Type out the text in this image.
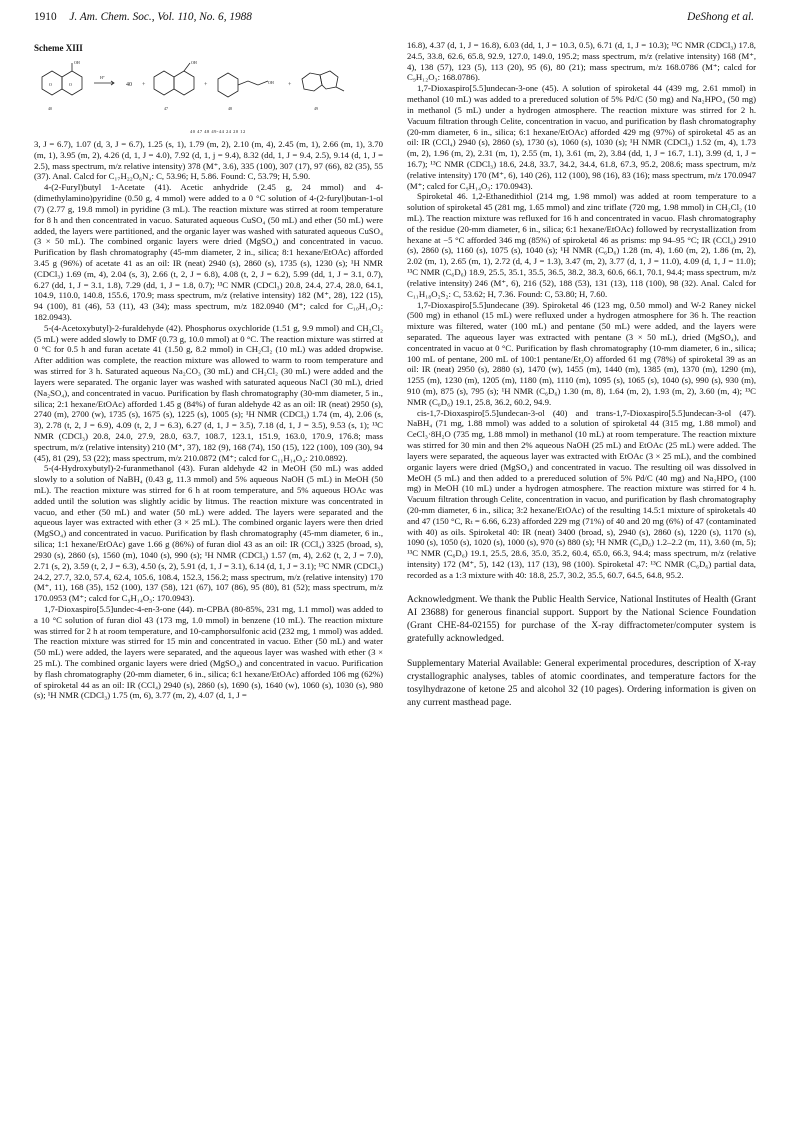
1910 J. Am. Chem. Soc., Vol. 110, No. 6, 1988	DeShong et al.
Scheme XIII
OH
O	O
H⁺
40 +
OH
+	OH +
40	47	48	49
40 47 48 49-44 24 20 12

3, J = 6.7), 1.07 (d, 3, J = 6.7), 1.25 (s, 1), 1.79 (m, 2), 2.10 (m, 4), 2.45 (m, 1), 2.66 (m, 1), 3.70 (m, 1), 3.95 (m, 2), 4.26 (d, 1, J = 4.0), 7.92 (d, 1, j = 9.4), 8.32 (dd, 1, J = 9.4, 2.5), 9.14 (d, 1, J = 2.5), mass spectrum, m/z relative intensity) 378 (M⁺, 3.6), 335 (100), 307 (17), 97 (66), 82 (35), 55 (37). Anal. Calcd for C₁₇H₂₂O₆N₄: C, 53.96; H, 5.86. Found: C, 53.79; H, 5.90.

4-(2-Furyl)butyl 1-Acetate (41). Acetic anhydride (2.45 g, 24 mmol) and 4-(dimethylamino)pyridine (0.50 g, 4 mmol) were added to a 0 °C solution of 4-(2-furyl)butan-1-ol (7) (2.77 g, 19.8 mmol) in pyridine (3 mL). The reaction mixture was stirred at room temperature for 8 h and then concentrated in vacuo. Saturated aqueous CuSO₄ (50 mL) and ether (50 mL) were added, the layers were partitioned, and the organic layer was washed with saturated aqueous CuSO₄ (3 × 50 mL). The combined organic layers were dried (MgSO₄) and concentrated in vacuo. Purification by flash chromatography (45-mm diameter, 2 in., silica; 8:1 hexane/EtOAc) afforded 3.45 g (96%) of acetate 41 as an oil: IR (neat) 2940 (s), 2860 (s), 1735 (s), 1230 (s); ¹H NMR (CDCl₃) 1.69 (m, 4), 2.04 (s, 3), 2.66 (t, 2, J = 6.8), 4.08 (t, 2, J = 6.2), 5.99 (dd, 1, J = 3.1, 0.7), 6.27 (dd, 1, J = 3.1, 1.8), 7.29 (dd, 1, J = 1.8, 0.7); ¹³C NMR (CDCl₃) 20.8, 24.4, 27.4, 28.0, 64.1, 104.9, 110.0, 140.8, 155.6, 170.9; mass spectrum, m/z (relative intensity) 182 (M⁺, 28), 122 (15), 94 (100), 81 (46), 53 (11), 43 (34); mass spectrum, m/z 182.0940 (M⁺; calcd for C₁₀H₁₄O₃: 182.0943).

5-(4-Acetoxybutyl)-2-furaldehyde (42). Phosphorus oxychloride (1.51 g, 9.9 mmol) and CH₂Cl₂ (5 mL) were added slowly to DMF (0.73 g, 10.0 mmol) at 0 °C. The reaction mixture was stirred at 0 °C for 0.5 h and furan acetate 41 (1.50 g, 8.2 mmol) in CH₂Cl₂ (10 mL) was added dropwise. After addition was complete, the reaction mixture was allowed to warm to room temperature and was stirred for 3 h. Saturated aqueous Na₂CO₃ (30 mL) and CH₂Cl₂ (30 mL) were added and the layers were separated. The organic layer was washed with saturated aqueous NaCl (30 mL), dried (Na₂SO₄), and concentrated in vacuo. Purification by flash chromatography (30-mm diameter, 5 in., silica; 2:1 hexane/EtOAc) afforded 1.45 g (84%) of furan aldehyde 42 as an oil: IR (neat) 2950 (s), 2740 (m), 2700 (w), 1735 (s), 1675 (s), 1225 (s), 1005 (s); ¹H NMR (CDCl₃) 1.74 (m, 4), 2.06 (s, 3), 2.78 (t, 2, J = 6.9), 4.09 (t, 2, J = 6.3), 6.27 (d, 1, J = 3.5), 7.18 (d, 1, J = 3.5), 9.53 (s, 1); ¹³C NMR (CDCl₃) 20.8, 24.0, 27.9, 28.0, 63.7, 108.7, 123.1, 151.9, 163.0, 170.9, 176.8; mass spectrum, m/z (relative intensity) 210 (M⁺, 37), 182 (9), 168 (74), 150 (15), 122 (100), 109 (30), 94 (45), 81 (29), 53 (22); mass spectrum, m/z 210.0872 (M⁺; calcd for C₁₁H₁₄O₄: 210.0892).

5-(4-Hydroxybutyl)-2-furanmethanol (43). Furan aldehyde 42 in MeOH (50 mL) was added slowly to a solution of NaBH₄ (0.43 g, 11.3 mmol) and 5% aqueous NaOH (5 mL) in MeOH (50 mL). The reaction mixture was stirred for 6 h at room temperature, and 5% aqueous HOAc was added until the solution was slightly acidic by litmus. The reaction mixture was concentrated in vacuo, and ether (50 mL) and water (50 mL) were added. The layers were separated and the aqueous layer was extracted with ether (3 × 25 mL). The combined organic layers were then dried (MgSO₄) and concentrated in vacuo. Purification by flash chromatography (45-mm diameter, 6 in., silica; 1:1 hexane/EtOAc) gave 1.66 g (86%) of furan diol 43 as an oil: IR (CCl₄) 3325 (broad, s), 2930 (s), 2860 (s), 1560 (m), 1040 (s), 990 (s); ¹H NMR (CDCl₃) 1.57 (m, 4), 2.62 (t, 2, J = 7.0), 2.71 (s, 2), 3.59 (t, 2, J = 6.3), 4.50 (s, 2), 5.91 (d, 1, J = 3.1), 6.14 (d, 1, J = 3.1); ¹³C NMR (CDCl₃) 24.2, 27.7, 32.0, 57.4, 62.4, 105.6, 108.4, 152.3, 156.2; mass spectrum, m/z (relative intensity) 170 (M⁺, 11), 168 (35), 152 (100), 137 (58), 121 (67), 107 (86), 95 (80), 81 (52); mass spectrum, m/z 170.0953 (M⁺; calcd for C₉H₁₄O₃: 170.0943).

1,7-Dioxaspiro[5.5]undec-4-en-3-one (44). m-CPBA (80-85%, 231 mg, 1.1 mmol) was added to a 10 °C solution of furan diol 43 (173 mg, 1.0 mmol) in benzene (10 mL). The reaction mixture was stirred for 2 h at room temperature, and 10-camphorsulfonic acid (232 mg, 1 mmol) was added. The reaction mixture was stirred for 15 min and concentrated in vacuo. Ether (50 mL) and water (50 mL) were added, the layers were separated, and the aqueous layer was washed with ether (3 × 25 mL). The combined organic layers were dried (MgSO₄) and concentrated in vacuo. Purification by flash chromatography (20-mm diameter, 6 in., silica; 6:1 hexane/EtOAc) afforded 106 mg (62%) of spiroketal 44 as an oil: IR (CCl₄) 2940 (s), 2860 (s), 1690 (s), 1640 (w), 1060 (s), 1030 (s), 980 (s); ¹H NMR (CDCl₃) 1.75 (m, 6), 3.77 (m, 2), 4.07 (d, 1, J =

16.8), 4.37 (d, 1, J = 16.8), 6.03 (dd, 1, J = 10.3, 0.5), 6.71 (d, 1, J = 10.3); ¹³C NMR (CDCl₃) 17.8, 24.5, 33.8, 62.6, 65.8, 92.9, 127.0, 149.0, 195.2; mass spectrum, m/z (relative intensity) 168 (M⁺, 4), 138 (57), 123 (5), 113 (20), 95 (6), 80 (21); mass spectrum, m/z 168.0786 (M⁺; calcd for C₉H₁₂O₃: 168.0786).

1,7-Dioxaspiro[5.5]undecan-3-one (45). A solution of spiroketal 44 (439 mg, 2.61 mmol) in methanol (10 mL) was added to a prereduced solution of 5% Pd/C (50 mg) and Na₂HPO₄ (50 mg) in methanol (5 mL) under a hydrogen atmosphere. The reaction mixture was stirred for 2 h. Vacuum filtration through Celite, concentration in vacuo, and purification by flash chromatography (20-mm diameter, 6 in., silica; 6:1 hexane/EtOAc) afforded 429 mg (97%) of spiroketal 45 as an oil: IR (CCl₄) 2940 (s), 2860 (s), 1730 (s), 1060 (s), 1030 (s); ¹H NMR (CDCl₃) 1.52 (m, 4), 1.73 (m, 2), 1.96 (m, 2), 2.31 (m, 1), 2.55 (m, 1), 3.61 (m, 2), 3.84 (dd, 1, J = 16.7, 1.1), 3.99 (d, 1, J = 16.7); ¹³C NMR (CDCl₃) 18.6, 24.8, 33.7, 34.2, 34.4, 61.8, 67.3, 95.2, 208.6; mass spectrum, m/z (relative intensity) 170 (M⁺, 6), 140 (26), 112 (100), 98 (16), 83 (16); mass spectrum, m/z 170.0947 (M⁺; calcd for C₉H₁₄O₃: 170.0943).

Spiroketal 46. 1,2-Ethanedithiol (214 mg, 1.98 mmol) was added at room temperature to a solution of spiroketal 45 (281 mg, 1.65 mmol) and zinc triflate (720 mg, 1.98 mmol) in CH₂Cl₂ (10 mL). The reaction mixture was refluxed for 16 h and concentrated in vacuo. Flash chromatography of the residue (20-mm diameter, 6 in., silica; 6:1 hexane/EtOAc) followed by recrystallization from hexane at −5 °C afforded 346 mg (85%) of spiroketal 46 as prisms: mp 94–95 °C; IR (CCl₄) 2910 (s), 2860 (s), 1160 (s), 1075 (s), 1040 (s); ¹H NMR (C₆D₆) 1.28 (m, 4), 1.60 (m, 2), 1.86 (m, 2), 2.02 (m, 1), 2.65 (m, 1), 2.72 (d, 4, J = 1.3), 3.47 (m, 2), 3.77 (d, 1, J = 11.0), 4.09 (d, 1, J = 11.0); ¹³C NMR (C₆D₆) 18.9, 25.5, 35.1, 35.5, 36.5, 38.2, 38.3, 60.6, 66.1, 70.1, 94.4; mass spectrum, m/z (relative intensity) 246 (M⁺, 6), 216 (52), 188 (53), 131 (13), 118 (100), 98 (32). Anal. Calcd for C₁₁H₁₈O₂S₂: C, 53.62; H, 7.36. Found: C, 53.80; H, 7.60.

1,7-Dioxaspiro[5.5]undecane (39). Spiroketal 46 (123 mg, 0.50 mmol) and W-2 Raney nickel (500 mg) in ethanol (15 mL) were refluxed under a hydrogen atmosphere for 36 h. The reaction mixture was filtered, water (100 mL) and pentane (50 mL) were added, and the layers were separated. The aqueous layer was extracted with pentane (3 × 50 mL), dried (MgSO₄), and concentrated in vacuo at 0 °C. Purification by flash chromatography (10-mm diameter, 6 in., silica; 100 mL of pentane, 200 mL of 100:1 pentane/Et₂O) afforded 61 mg (78%) of spiroketal 39 as an oil: IR (neat) 2950 (s), 2880 (s), 1470 (w), 1455 (m), 1440 (m), 1385 (m), 1370 (m), 1290 (m), 1255 (m), 1230 (m), 1205 (m), 1180 (m), 1110 (m), 1095 (s), 1065 (s), 1040 (s), 990 (s), 930 (m), 910 (m), 875 (s), 795 (s); ¹H NMR (C₆D₆) 1.30 (m, 8), 1.64 (m, 2), 1.93 (m, 2), 3.60 (m, 4); ¹³C NMR (C₆D₆) 19.1, 25.8, 36.2, 60.2, 94.9.

cis-1,7-Dioxaspiro[5.5]undecan-3-ol (40) and trans-1,7-Dioxaspiro[5.5]undecan-3-ol (47). NaBH₄ (71 mg, 1.88 mmol) was added to a solution of spiroketal 44 (315 mg, 1.88 mmol) and CeCl₃·8H₂O (735 mg, 1.88 mmol) in methanol (10 mL) at room temperature. The reaction mixture was stirred for 30 min and then 2% aqueous NaOH (25 mL) and EtOAc (25 mL) were added. The layers were separated, the aqueous layer was extracted with EtOAc (3 × 25 mL), and the combined organic layers were dried (MgSO₄) and concentrated in vacuo. The resulting oil was dissolved in MeOH (5 mL) and then added to a prereduced solution of 5% Pd/C (40 mg) and Na₂HPO₄ (100 mg) in MeOH (10 mL) under a hydrogen atmosphere. The reaction mixture was stirred for 4 h. Vacuum filtration through Celite, concentration in vacuo, and purification by flash chromatography (20-mm diameter, 6 in., silica; 3:2 hexane/EtOAc) of the resulting 14.5:1 mixture of spiroketals 40 and 47 (150 °C, Rₜ = 6.66, 6.23) afforded 229 mg (71%) of 40 and 20 mg (6%) of 47 (contaminated with 40) as oils. Spiroketal 40: IR (neat) 3400 (broad, s), 2940 (s), 2860 (s), 1220 (s), 1170 (s), 1090 (s), 1050 (s), 1020 (s), 1000 (s), 970 (s) 880 (s); ¹H NMR (C₆D₆) 1.2–2.2 (m, 11), 3.60 (m, 5); ¹³C NMR (C₆D₆) 19.1, 25.5, 28.6, 35.0, 35.2, 60.4, 65.0, 66.3, 94.4; mass spectrum, m/z (relative intensity) 172 (M⁺, 5), 142 (13), 117 (13), 98 (100). Spiroketal 47: ¹³C NMR (C₆D₆) partial data, recorded as a 1:3 mixture with 40: 18.8, 25.7, 30.2, 35.5, 60.7, 64.5, 64.8, 95.2.

Acknowledgment. We thank the Public Health Service, National Institutes of Health (Grant AI 23688) for generous financial support. Support by the National Science Foundation (Grant CHE-84-02155) for purchase of the X-ray diffractometer/computer system is gratefully acknowledged.

Supplementary Material Available: General experimental procedures, description of X-ray crystallographic analyses, tables of atomic coordinates, and temperature factors for the tosylhydrazone of ketone 25 and alcohol 32 (10 pages). Ordering information is given on any current masthead page.
